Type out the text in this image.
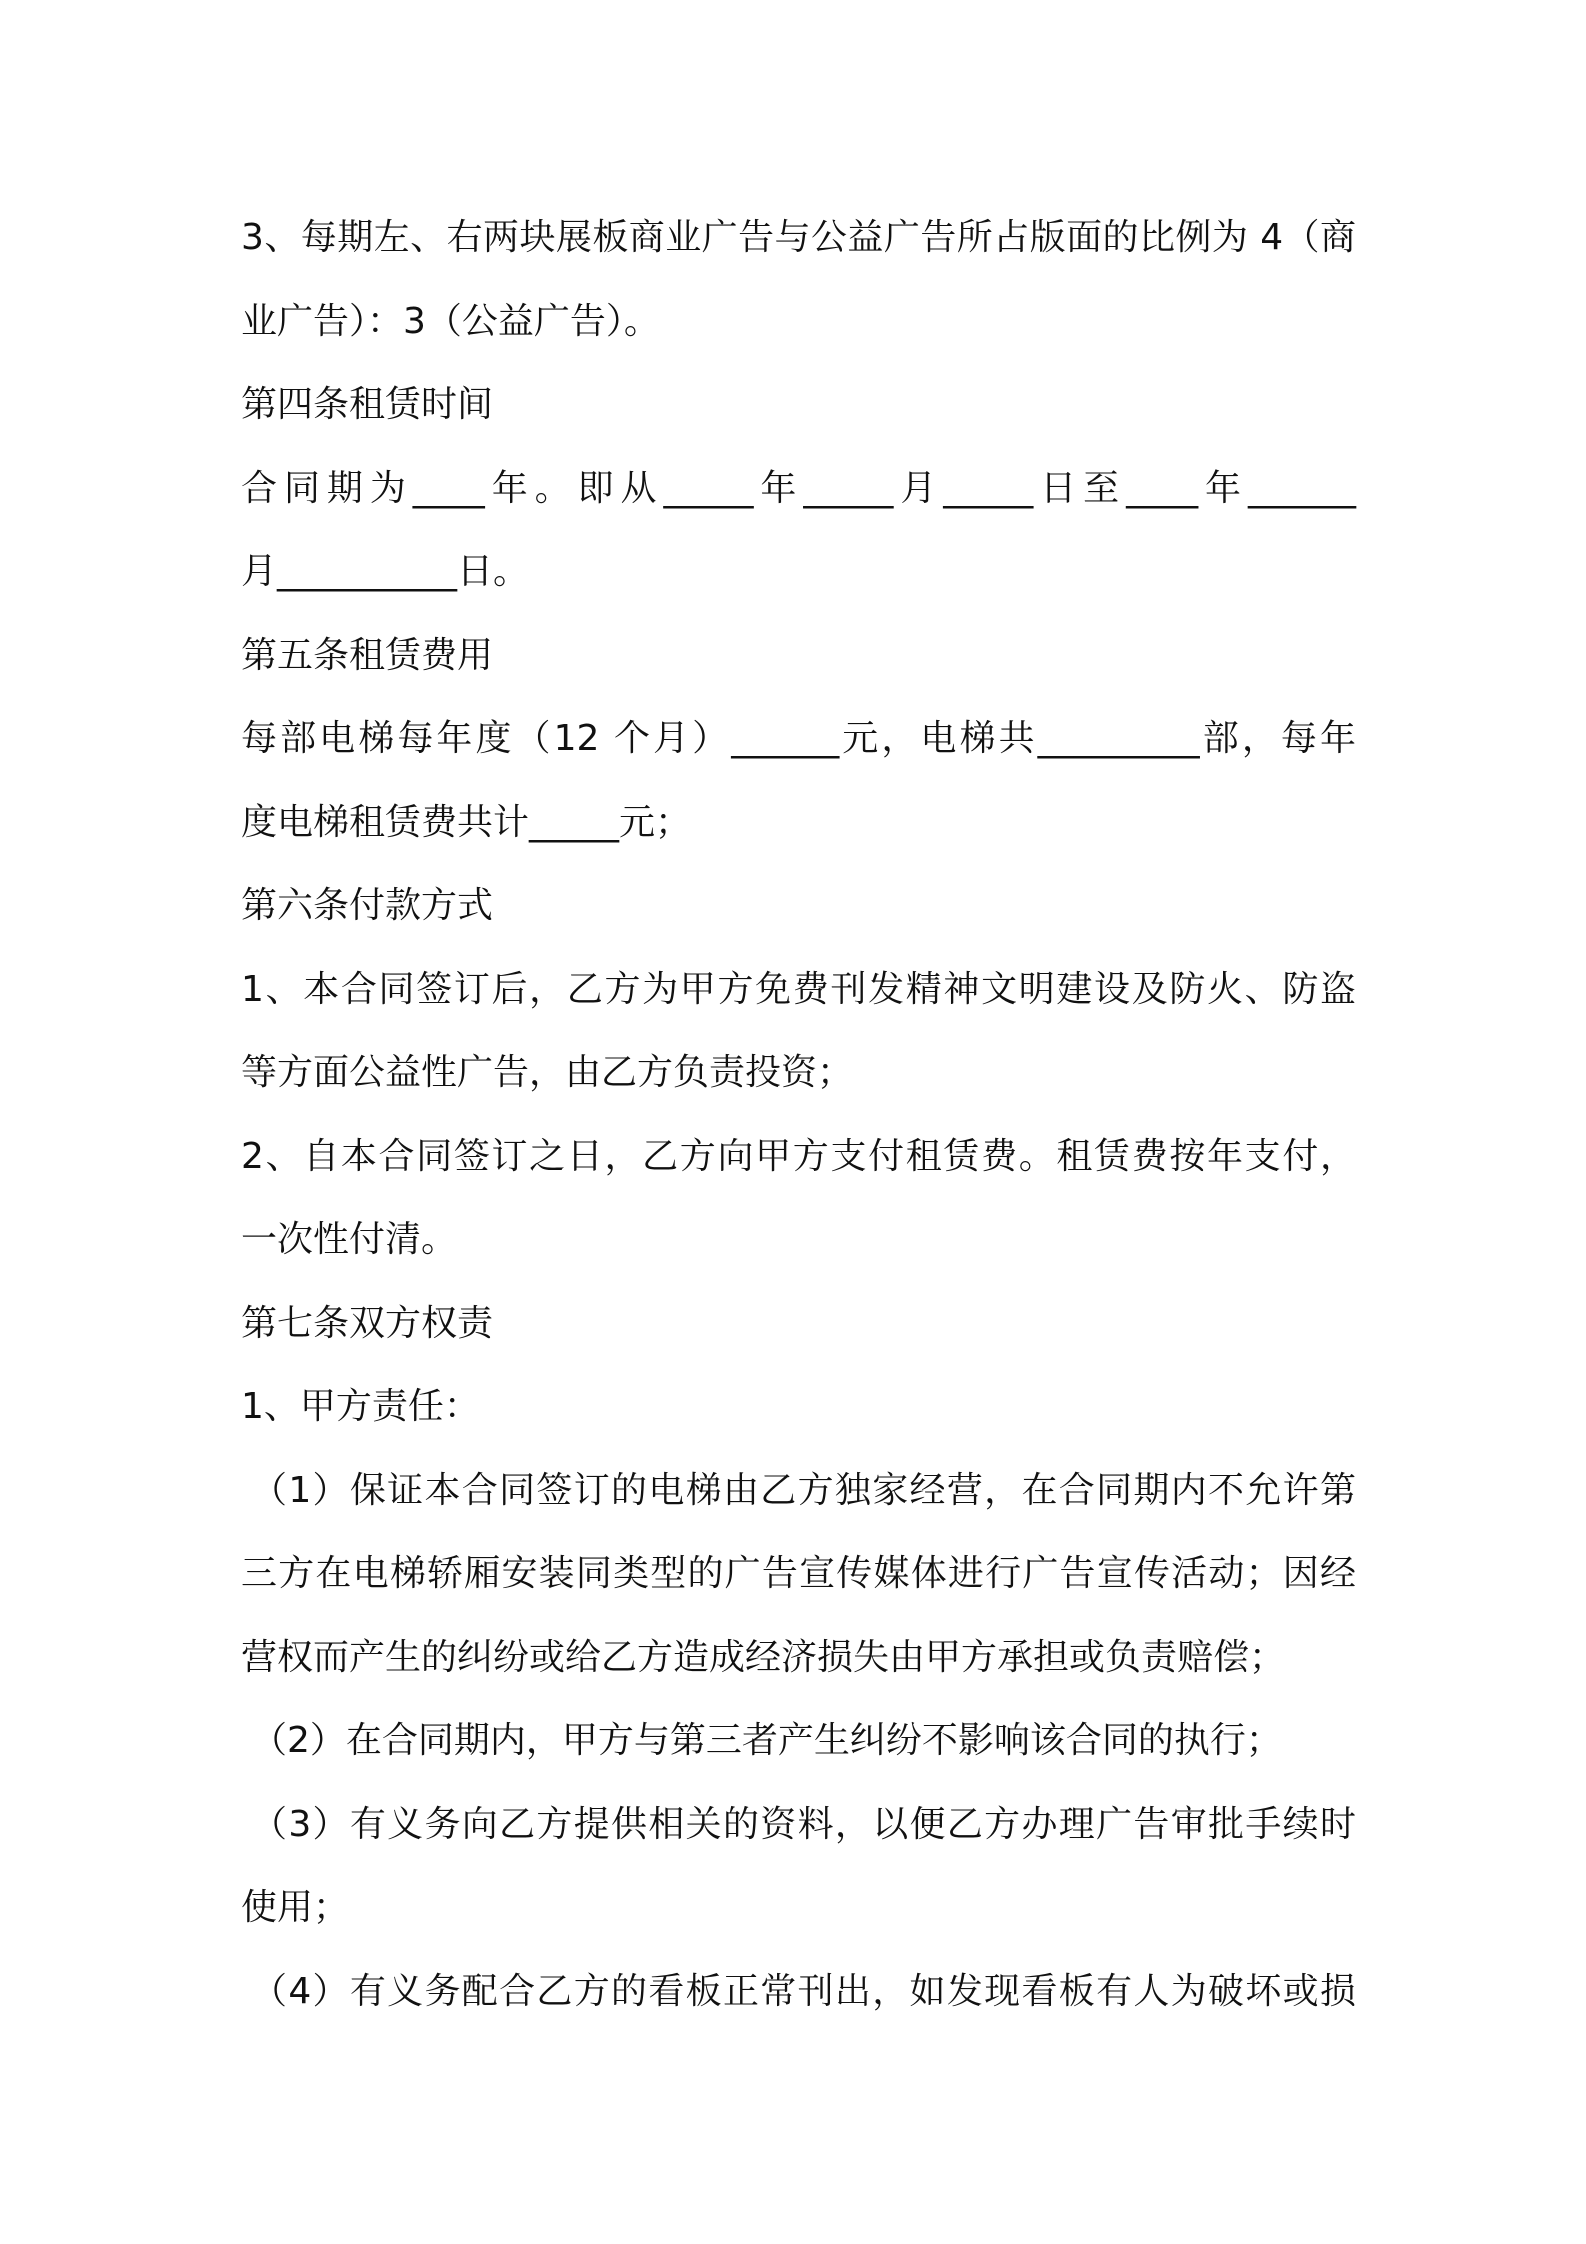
3、每期左、右两块展板商业广告与公益广告所占版面的比例为 4（商
业广告）：3（公益广告）。
第四条租赁时间
合同期为____年。即从_____年_____月_____日至____年______
月__________日。
第五条租赁费用
每部电梯每年度（12 个月）______元，电梯共_________部，每年
度电梯租赁费共计_____元；
第六条付款方式
1、本合同签订后，乙方为甲方免费刊发精神文明建设及防火、防盗
等方面公益性广告，由乙方负责投资；
2、自本合同签订之日，乙方向甲方支付租赁费。租赁费按年支付，
一次性付清。
第七条双方权责
1、甲方责任：
（1）保证本合同签订的电梯由乙方独家经营，在合同期内不允许第
三方在电梯轿厢安装同类型的广告宣传媒体进行广告宣传活动；因经
营权而产生的纠纷或给乙方造成经济损失由甲方承担或负责赔偿；
（2）在合同期内，甲方与第三者产生纠纷不影响该合同的执行；
（3）有义务向乙方提供相关的资料，以便乙方办理广告审批手续时
使用；
（4）有义务配合乙方的看板正常刊出，如发现看板有人为破坏或损
